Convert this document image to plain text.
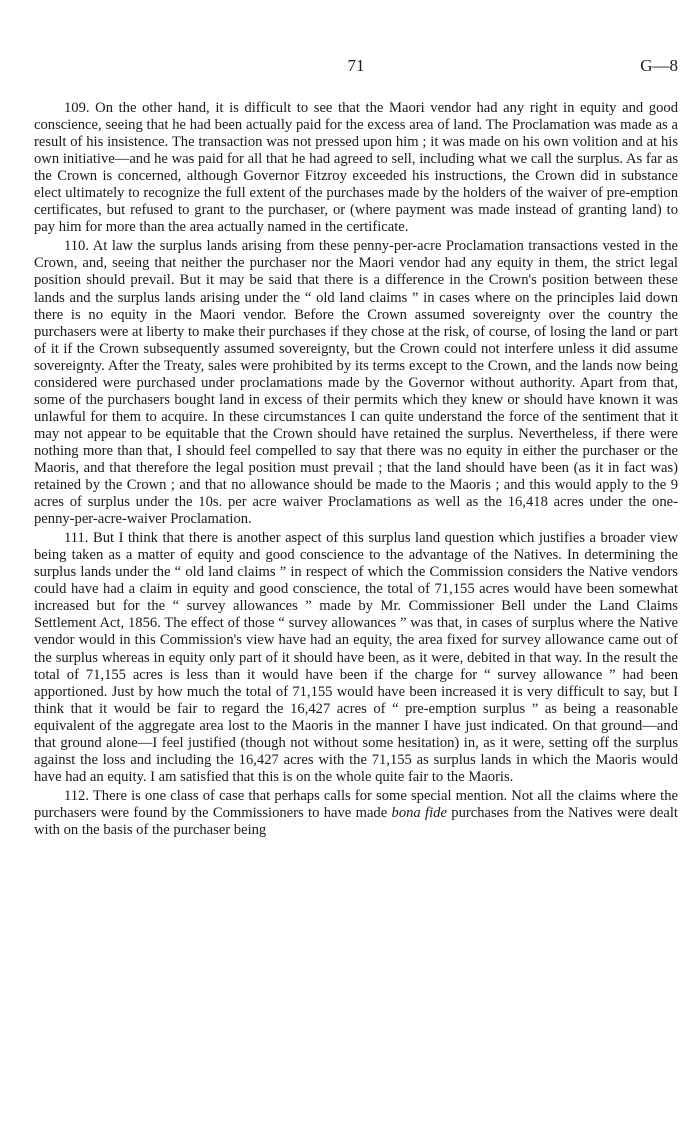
71	G—8

109. On the other hand, it is difficult to see that the Maori vendor had any right in equity and good conscience, seeing that he had been actually paid for the excess area of land. The Proclamation was made as a result of his insistence. The transaction was not pressed upon him ; it was made on his own volition and at his own initiative—and he was paid for all that he had agreed to sell, including what we call the surplus. As far as the Crown is concerned, although Governor Fitzroy exceeded his instructions, the Crown did in substance elect ultimately to recognize the full extent of the purchases made by the holders of the waiver of pre-emption certificates, but refused to grant to the purchaser, or (where payment was made instead of granting land) to pay him for more than the area actually named in the certificate.

110. At law the surplus lands arising from these penny-per-acre Proclamation transactions vested in the Crown, and, seeing that neither the purchaser nor the Maori vendor had any equity in them, the strict legal position should prevail. But it may be said that there is a difference in the Crown's position between these lands and the surplus lands arising under the “ old land claims ” in cases where on the principles laid down there is no equity in the Maori vendor. Before the Crown assumed sovereignty over the country the purchasers were at liberty to make their purchases if they chose at the risk, of course, of losing the land or part of it if the Crown subsequently assumed sovereignty, but the Crown could not interfere unless it did assume sovereignty. After the Treaty, sales were prohibited by its terms except to the Crown, and the lands now being considered were purchased under proclamations made by the Governor without authority. Apart from that, some of the purchasers bought land in excess of their permits which they knew or should have known it was unlawful for them to acquire. In these circumstances I can quite understand the force of the sentiment that it may not appear to be equitable that the Crown should have retained the surplus. Nevertheless, if there were nothing more than that, I should feel compelled to say that there was no equity in either the purchaser or the Maoris, and that therefore the legal position must prevail ; that the land should have been (as it in fact was) retained by the Crown ; and that no allowance should be made to the Maoris ; and this would apply to the 9 acres of surplus under the 10s. per acre waiver Proclamations as well as the 16,418 acres under the one-penny-per-acre-waiver Proclamation.

111. But I think that there is another aspect of this surplus land question which justifies a broader view being taken as a matter of equity and good conscience to the advantage of the Natives. In determining the surplus lands under the “ old land claims ” in respect of which the Commission considers the Native vendors could have had a claim in equity and good conscience, the total of 71,155 acres would have been somewhat increased but for the “ survey allowances ” made by Mr. Commissioner Bell under the Land Claims Settlement Act, 1856. The effect of those “ survey allowances ” was that, in cases of surplus where the Native vendor would in this Commission's view have had an equity, the area fixed for survey allowance came out of the surplus whereas in equity only part of it should have been, as it were, debited in that way. In the result the total of 71,155 acres is less than it would have been if the charge for “ survey allowance ” had been apportioned. Just by how much the total of 71,155 would have been increased it is very difficult to say, but I think that it would be fair to regard the 16,427 acres of “ pre-emption surplus ” as being a reasonable equivalent of the aggregate area lost to the Maoris in the manner I have just indicated. On that ground—and that ground alone—I feel justified (though not without some hesitation) in, as it were, setting off the surplus against the loss and including the 16,427 acres with the 71,155 as surplus lands in which the Maoris would have had an equity. I am satisfied that this is on the whole quite fair to the Maoris.

112. There is one class of case that perhaps calls for some special mention. Not all the claims where the purchasers were found by the Commissioners to have made bona fide purchases from the Natives were dealt with on the basis of the purchaser being
